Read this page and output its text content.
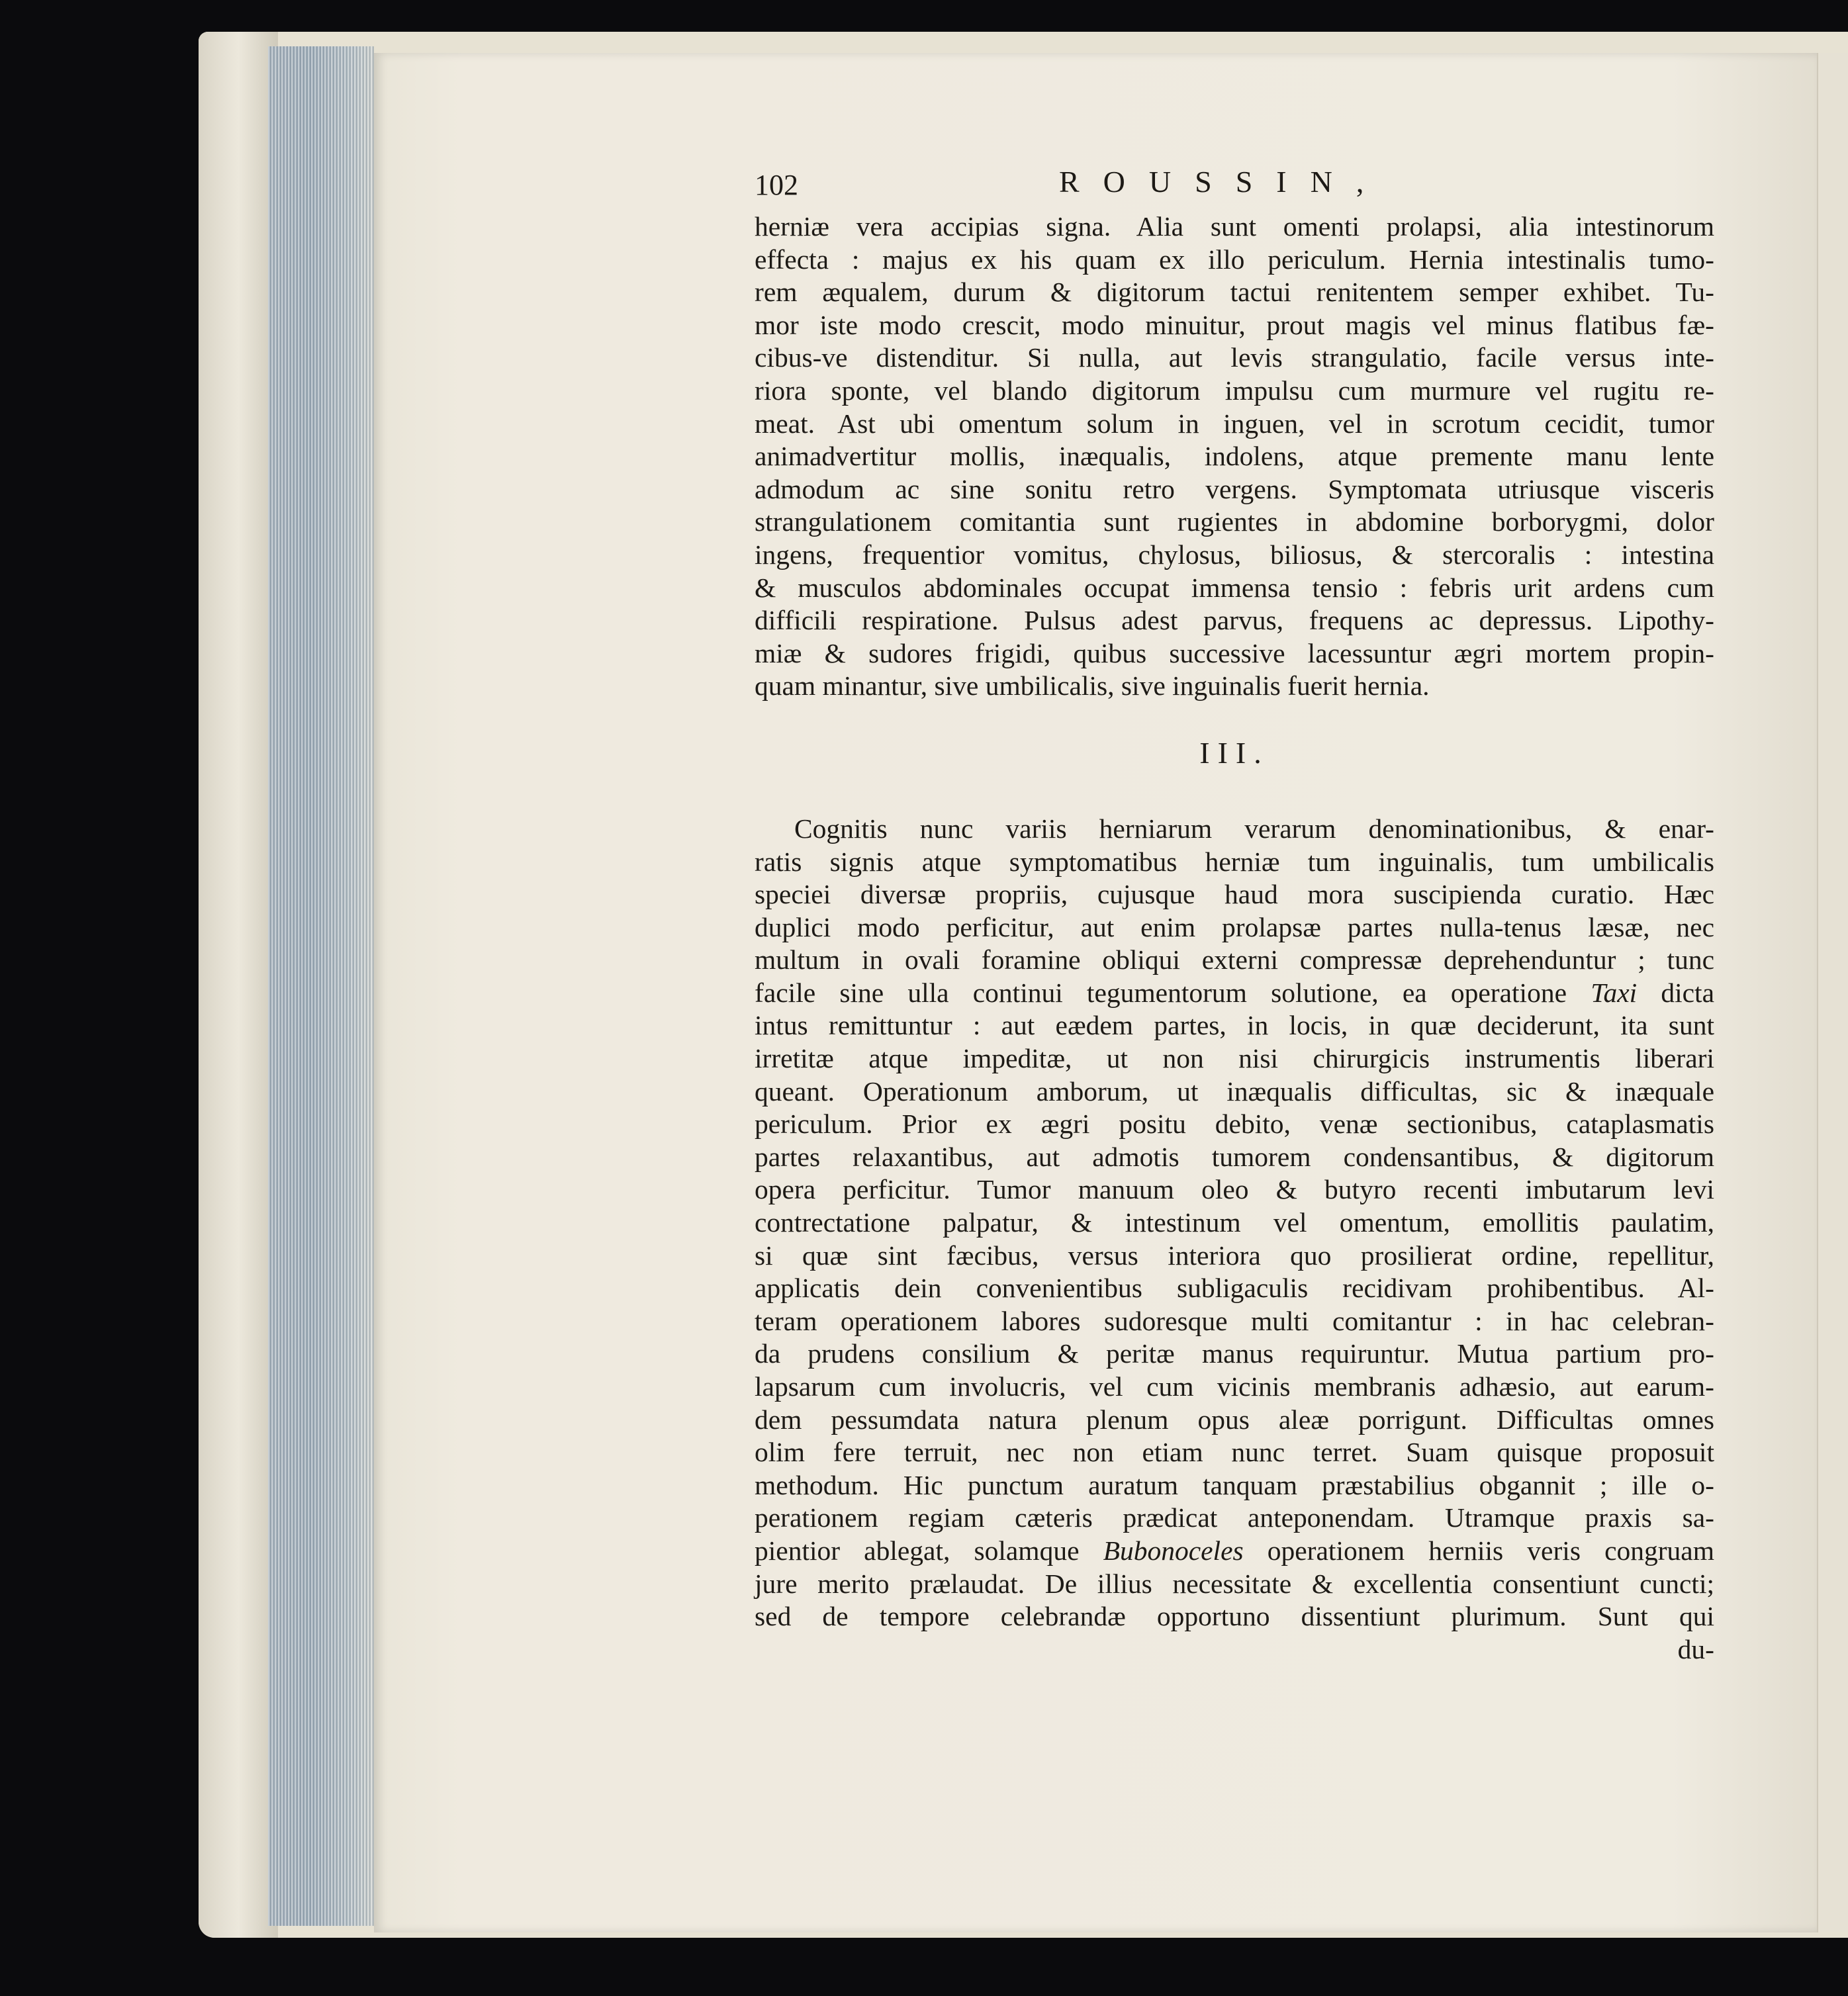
102	ROUSSIN,
herniæ vera accipias signa. Alia sunt omenti prolapsi, alia intestinorum
effecta : majus ex his quam ex illo periculum. Hernia intestinalis tumo-
rem æqualem, durum & digitorum tactui renitentem semper exhibet. Tu-
mor iste modo crescit, modo minuitur, prout magis vel minus flatibus fæ-
cibus-ve distenditur. Si nulla, aut levis strangulatio, facile versus inte-
riora sponte, vel blando digitorum impulsu cum murmure vel rugitu re-
meat. Ast ubi omentum solum in inguen, vel in scrotum cecidit, tumor
animadvertitur mollis, inæqualis, indolens, atque premente manu lente
admodum ac sine sonitu retro vergens. Symptomata utriusque visceris
strangulationem comitantia sunt rugientes in abdomine borborygmi, dolor
ingens, frequentior vomitus, chylosus, biliosus, & stercoralis : intestina
& musculos abdominales occupat immensa tensio : febris urit ardens cum
difficili respiratione. Pulsus adest parvus, frequens ac depressus. Lipothy-
miæ & sudores frigidi, quibus successive lacessuntur ægri mortem propin-
quam minantur, sive umbilicalis, sive inguinalis fuerit hernia.
III.
Cognitis nunc variis herniarum verarum denominationibus, & enar-
ratis signis atque symptomatibus herniæ tum inguinalis, tum umbilicalis
speciei diversæ propriis, cujusque haud mora suscipienda curatio. Hæc
duplici modo perficitur, aut enim prolapsæ partes nulla-tenus læsæ, nec
multum in ovali foramine obliqui externi compressæ deprehenduntur ; tunc
facile sine ulla continui tegumentorum solutione, ea operatione Taxi dicta
intus remittuntur : aut eædem partes, in locis, in quæ deciderunt, ita sunt
irretitæ atque impeditæ, ut non nisi chirurgicis instrumentis liberari
queant. Operationum amborum, ut inæqualis difficultas, sic & inæquale
periculum. Prior ex ægri positu debito, venæ sectionibus, cataplasmatis
partes relaxantibus, aut admotis tumorem condensantibus, & digitorum
opera perficitur. Tumor manuum oleo & butyro recenti imbutarum levi
contrectatione palpatur, & intestinum vel omentum, emollitis paulatim,
si quæ sint fæcibus, versus interiora quo prosilierat ordine, repellitur,
applicatis dein convenientibus subligaculis recidivam prohibentibus. Al-
teram operationem labores sudoresque multi comitantur : in hac celebran-
da prudens consilium & peritæ manus requiruntur. Mutua partium pro-
lapsarum cum involucris, vel cum vicinis membranis adhæsio, aut earum-
dem pessumdata natura plenum opus aleæ porrigunt. Difficultas omnes
olim fere terruit, nec non etiam nunc terret. Suam quisque proposuit
methodum. Hic punctum auratum tanquam præstabilius obgannit ; ille o-
perationem regiam cæteris prædicat anteponendam. Utramque praxis sa-
pientior ablegat, solamque Bubonoceles operationem herniis veris congruam
jure merito prælaudat. De illius necessitate & excellentia consentiunt cuncti;
sed de tempore celebrandæ opportuno dissentiunt plurimum. Sunt qui
du-
